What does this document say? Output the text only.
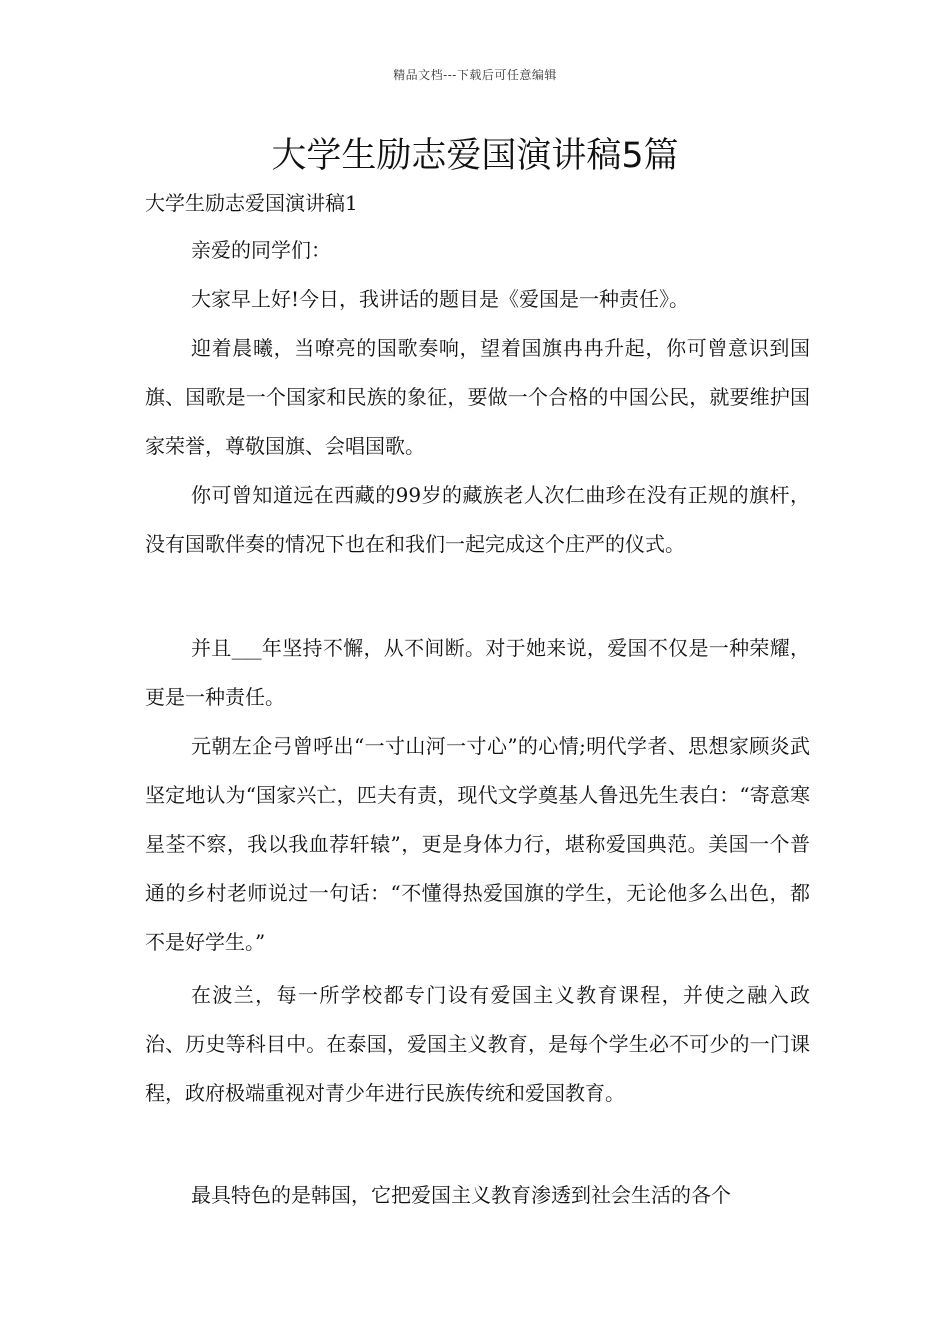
精品文档---下载后可任意编辑
大学生励志爱国演讲稿5篇

大学生励志爱国演讲稿1

亲爱的同学们：

大家早上好!今日，我讲话的题目是《爱国是一种责任》。

迎着晨曦，当嘹亮的国歌奏响，望着国旗冉冉升起，你可曾意识到国旗、国歌是一个国家和民族的象征，要做一个合格的中国公民，就要维护国家荣誉，尊敬国旗、会唱国歌。

你可曾知道远在西藏的99岁的藏族老人次仁曲珍在没有正规的旗杆，没有国歌伴奏的情况下也在和我们一起完成这个庄严的仪式。

并且___年坚持不懈，从不间断。对于她来说，爱国不仅是一种荣耀，更是一种责任。

元朝左企弓曾呼出“一寸山河一寸心”的心情;明代学者、思想家顾炎武坚定地认为“国家兴亡，匹夫有责，现代文学奠基人鲁迅先生表白：“寄意寒星荃不察，我以我血荐轩辕”，更是身体力行，堪称爱国典范。美国一个普通的乡村老师说过一句话：“不懂得热爱国旗的学生，无论他多么出色，都不是好学生。”

在波兰，每一所学校都专门设有爱国主义教育课程，并使之融入政治、历史等科目中。在泰国，爱国主义教育，是每个学生必不可少的一门课程，政府极端重视对青少年进行民族传统和爱国教育。

最具特色的是韩国，它把爱国主义教育渗透到社会生活的各个
